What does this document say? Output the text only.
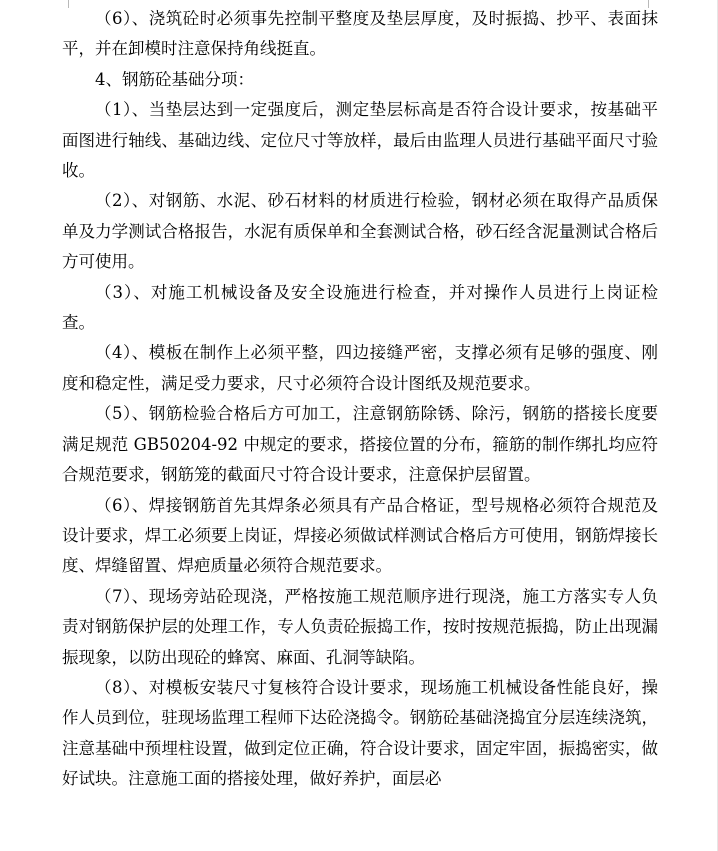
（6）、浇筑砼时必须事先控制平整度及垫层厚度，及时振捣、抄平、表面抹平，并在卸模时注意保持角线挺直。

4、钢筋砼基础分项：

（1）、当垫层达到一定强度后，测定垫层标高是否符合设计要求，按基础平面图进行轴线、基础边线、定位尺寸等放样，最后由监理人员进行基础平面尺寸验收。

（2）、对钢筋、水泥、砂石材料的材质进行检验，钢材必须在取得产品质保单及力学测试合格报告，水泥有质保单和全套测试合格，砂石经含泥量测试合格后方可使用。

（3）、对施工机械设备及安全设施进行检查，并对操作人员进行上岗证检查。

（4）、模板在制作上必须平整，四边接缝严密，支撑必须有足够的强度、刚度和稳定性，满足受力要求，尺寸必须符合设计图纸及规范要求。

（5）、钢筋检验合格后方可加工，注意钢筋除锈、除污，钢筋的搭接长度要满足规范 GB50204-92 中规定的要求，搭接位置的分布，箍筋的制作绑扎均应符合规范要求，钢筋笼的截面尺寸符合设计要求，注意保护层留置。

（6）、焊接钢筋首先其焊条必须具有产品合格证，型号规格必须符合规范及设计要求，焊工必须要上岗证，焊接必须做试样测试合格后方可使用，钢筋焊接长度、焊缝留置、焊疤质量必须符合规范要求。

（7）、现场旁站砼现浇，严格按施工规范顺序进行现浇，施工方落实专人负责对钢筋保护层的处理工作，专人负责砼振捣工作，按时按规范振捣，防止出现漏振现象，以防出现砼的蜂窝、麻面、孔洞等缺陷。

（8）、对模板安装尺寸复核符合设计要求，现场施工机械设备性能良好，操作人员到位，驻现场监理工程师下达砼浇捣令。钢筋砼基础浇捣宜分层连续浇筑，注意基础中预埋柱设置，做到定位正确，符合设计要求，固定牢固，振捣密实，做好试块。注意施工面的搭接处理，做好养护，面层必
